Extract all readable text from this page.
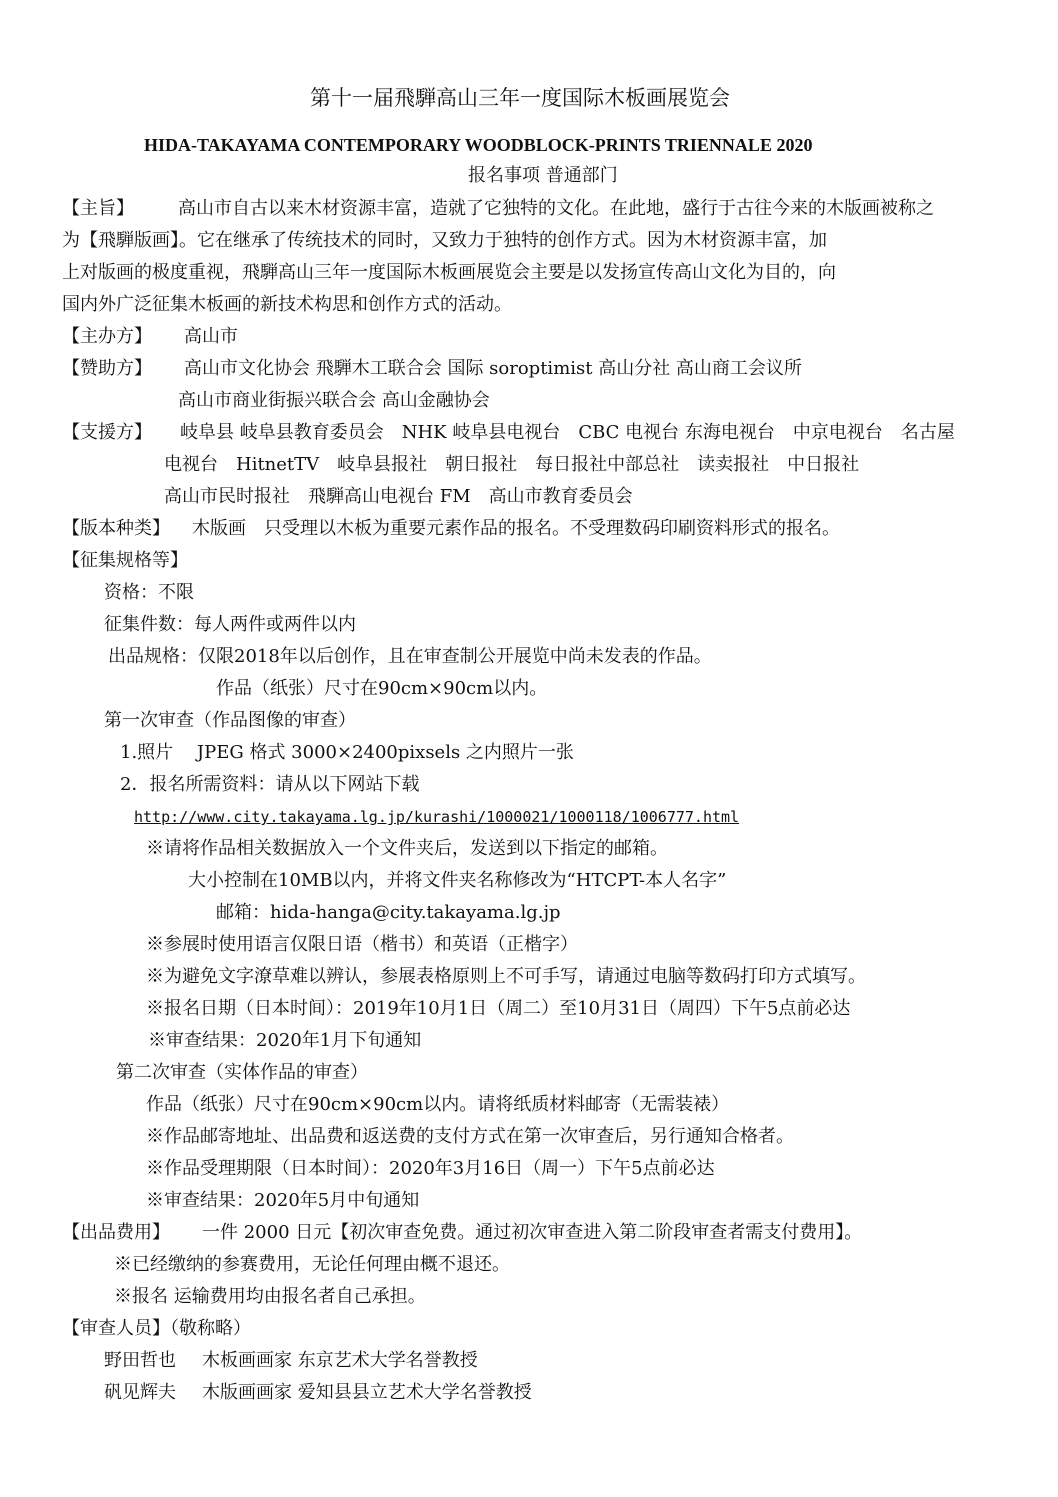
第十一届飛騨高山三年一度国际木板画展览会
HIDA-TAKAYAMA CONTEMPORARY WOODBLOCK-PRINTS TRIENNALE 2020
报名事项 普通部门
【主旨】 高山市自古以来木材资源丰富，造就了它独特的文化。在此地，盛行于古往今来的木版画被称之
为【飛騨版画】。它在继承了传统技术的同时，又致力于独特的创作方式。因为木材资源丰富，加
上对版画的极度重视，飛騨高山三年一度国际木板画展览会主要是以发扬宣传高山文化为目的，向
国内外广泛征集木板画的新技术构思和创作方式的活动。
【主办方】 高山市
【赞助方】 高山市文化协会 飛騨木工联合会 国际 soroptimist 高山分社 高山商工会议所
高山市商业街振兴联合会 高山金融协会
【支援方】 岐阜县 岐阜县教育委员会　NHK 岐阜县电视台　CBC 电视台 东海电视台　中京电视台　名古屋
电视台　HitnetTV　岐阜县报社　朝日报社　每日报社中部总社　读卖报社　中日报社
高山市民时报社　飛騨高山电视台 FM　高山市教育委员会
【版本种类】 木版画　只受理以木板为重要元素作品的报名。不受理数码印刷资料形式的报名。
【征集规格等】
资格：不限
征集件数：每人两件或两件以内
出品规格：仅限2018年以后创作，且在审查制公开展览中尚未发表的作品。
作品（纸张）尺寸在90cm×90cm以内。
第一次审查（作品图像的审查）
1.照片　 JPEG 格式 3000×2400pixsels 之内照片一张
2．报名所需资料：请从以下网站下载
http://www.city.takayama.lg.jp/kurashi/1000021/1000118/1006777.html
※请将作品相关数据放入一个文件夹后，发送到以下指定的邮箱。
大小控制在10MB以内，并将文件夹名称修改为“HTCPT-本人名字”
邮箱：hida-hanga@city.takayama.lg.jp
※参展时使用语言仅限日语（楷书）和英语（正楷字）
※为避免文字潦草难以辨认，参展表格原则上不可手写，请通过电脑等数码打印方式填写。
※报名日期（日本时间）：2019年10月1日（周二）至10月31日（周四）下午5点前必达
※审查结果：2020年1月下旬通知
第二次审查（实体作品的审查）
作品（纸张）尺寸在90cm×90cm以内。请将纸质材料邮寄（无需装裱）
※作品邮寄地址、出品费和返送费的支付方式在第一次审查后，另行通知合格者。
※作品受理期限（日本时间）：2020年3月16日（周一）下午5点前必达
※审查结果：2020年5月中旬通知
【出品费用】 一件 2000 日元【初次审查免费。通过初次审查进入第二阶段审查者需支付费用】。
※已经缴纳的参赛费用，无论任何理由概不退还。
※报名 运输费用均由报名者自己承担。
【审查人员】（敬称略）
野田哲也 木板画画家 东京艺术大学名誉教授
矾见辉夫 木版画画家 爱知县县立艺术大学名誉教授
